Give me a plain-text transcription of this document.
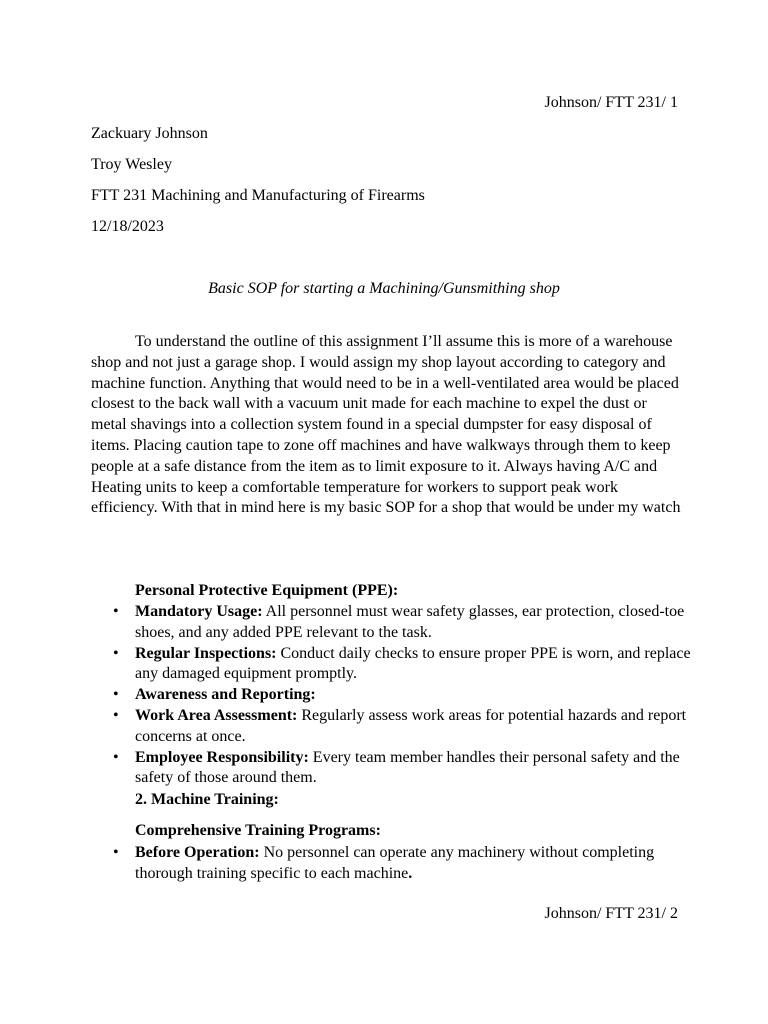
Johnson/ FTT 231/ 1
Zackuary Johnson
Troy Wesley
FTT 231 Machining and Manufacturing of Firearms
12/18/2023
Basic SOP for starting a Machining/Gunsmithing shop

To understand the outline of this assignment I’ll assume this is more of a warehouse shop and not just a garage shop. I would assign my shop layout according to category and machine function. Anything that would need to be in a well-ventilated area would be placed closest to the back wall with a vacuum unit made for each machine to expel the dust or metal shavings into a collection system found in a special dumpster for easy disposal of items. Placing caution tape to zone off machines and have walkways through them to keep people at a safe distance from the item as to limit exposure to it. Always having A/C and Heating units to keep a comfortable temperature for workers to support peak work efficiency. With that in mind here is my basic SOP for a shop that would be under my watch

Personal Protective Equipment (PPE):
• Mandatory Usage: All personnel must wear safety glasses, ear protection, closed-toe shoes, and any added PPE relevant to the task.
• Regular Inspections: Conduct daily checks to ensure proper PPE is worn, and replace any damaged equipment promptly.
• Awareness and Reporting:
• Work Area Assessment: Regularly assess work areas for potential hazards and report concerns at once.
• Employee Responsibility: Every team member handles their personal safety and the safety of those around them.
2. Machine Training:
Comprehensive Training Programs:
• Before Operation: No personnel can operate any machinery without completing thorough training specific to each machine.
Johnson/ FTT 231/ 2
